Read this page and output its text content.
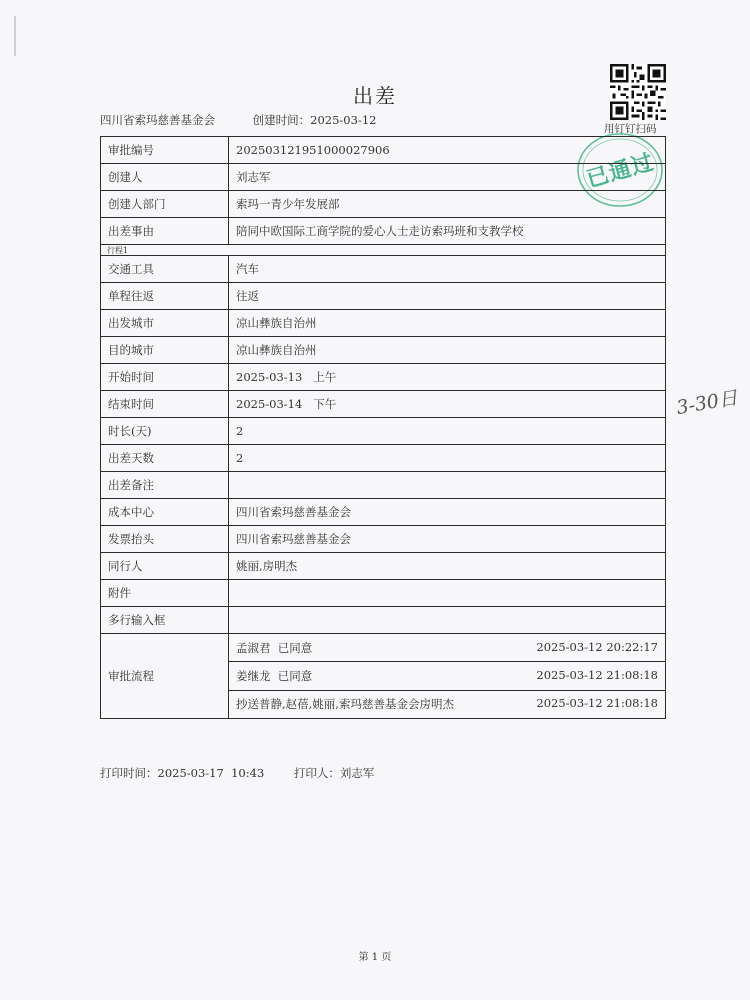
出差
四川省索玛慈善基金会	创建时间：2025-03-12
用钉钉扫码
已通过
3-30日
审批编号	202503121951000027906
创建人	刘志军
创建人部门	索玛一青少年发展部
出差事由	陪同中欧国际工商学院的爱心人士走访索玛班和支教学校
行程1	
交通工具	汽车
单程往返	往返
出发城市	凉山彝族自治州
目的城市	凉山彝族自治州
开始时间	2025-03-13   上午
结束时间	2025-03-14   下午
时长(天)	2
出差天数	2
出差备注	
成本中心	四川省索玛慈善基金会
发票抬头	四川省索玛慈善基金会
同行人	姚丽,房明杰
附件	
多行输入框	
审批流程	孟淑君  已同意 2025-03-12 20:22:17

	姜继龙  已同意 2025-03-12 21:08:18

	抄送普静,赵蓓,姚丽,索玛慈善基金会房明杰 2025-03-12 21:08:18
打印时间：2025-03-17  10:43	打印人：刘志军
第 1 页
